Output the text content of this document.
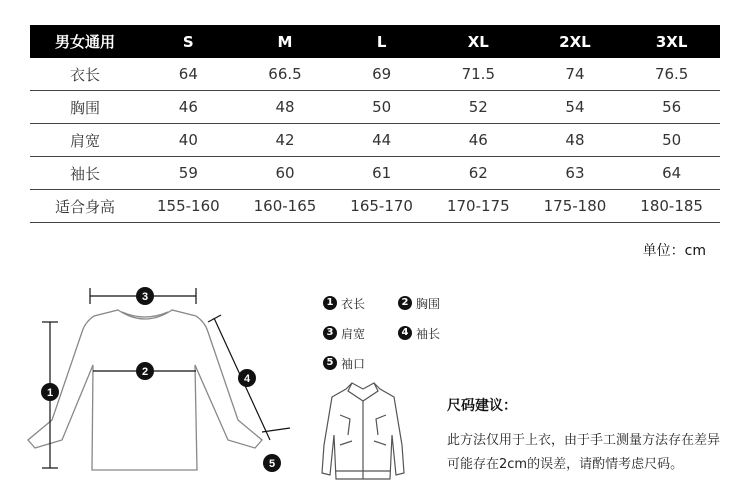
男女通用	S	M	L	XL	2XL	3XL
衣长	64	66.5	69	71.5	74	76.5
胸围	46	48	50	52	54	56
肩宽	40	42	44	46	48	50
袖长	59	60	61	62	63	64
适合身高	155-160	160-165	165-170	170-175	175-180	180-185
单位：cm
3
2
1
4
5
1 衣长	2 胸围
3 肩宽	4 袖长
5 袖口
尺码建议：
此方法仅用于上衣，由于手工测量方法存在差异
可能存在2cm的误差，请酌情考虑尺码。
